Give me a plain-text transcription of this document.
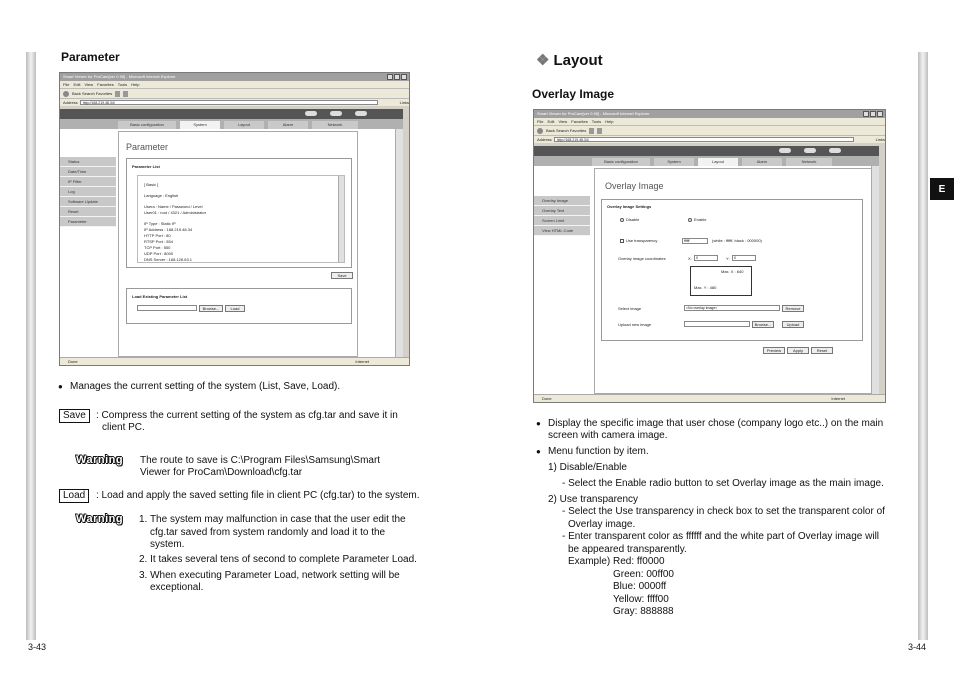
Parameter
Smart Viewer for ProCam[ver 0.95] - Microsoft Internet Explorer
File Edit View Favorites Tools Help
Back Search Favorites
Address	http://168.219.48.34/	Links
Basic configuration	System	Layout	Alarm	Network
Status
Date/Time
IP Filter
Log
Software Update
Reset
Parameter
Parameter
Parameter List
[ Basic ]
Language : English
Usera : Name / Password / Level
User01 : root / 4321 / Administrator
IP Type : Static IP
IP Address : 168.219.48.34
HTTP Port : 80
RTSP Port : 554
TCP Port : 550
UDP Port : 8000
DNS Server : 168.126.63.1
Save
Load Existing Parameter List
Browse...	Load
Done	Internet
● Manages the current setting of the system (List, Save, Load).
Save	: Compress the current setting of the system as cfg.tar and save it in
client PC.
Warning The route to save is C:\Program Files\Samsung\Smart
Viewer for ProCam\Download\cfg.tar
Load	: Load and apply the saved setting file in client PC (cfg.tar) to the system.
Warning 1. The system may malfunction in case that the user edit the
cfg.tar saved from system randomly and load it to the
system.
2. It takes several tens of second to complete Parameter Load.
3. When executing Parameter Load, network setting will be
exceptional.
3-43
❖ Layout
Overlay Image
E
Smart Viewer for ProCam[ver 0.95] - Microsoft Internet Explorer
File Edit View Favorites Tools Help
Back Search Favorites
Address	http://168.219.48.34/	Links
Basic configuration	System	Layout	Alarm	Network
Overlay Image
Overlay Text
Screen Limit
View HTML Code
Overlay Image
Overlay Image Settings
Disable	Enable
Use transparency	ffffff	(white : ffffff, black : 000000)
Overlay image coordinates	X:	0	Y:	0
Max. X : 640
Max. Y : 480
Select image	<No overlay image>	Remove
Upload new image	Browse...	Upload
Preview	Apply	Reset
Done	Internet
● Display the specific image that user chose (company logo etc..) on the main
screen with camera image.
● Menu function by item.
1) Disable/Enable
- Select the Enable radio button to set Overlay image as the main image.
2) Use transparency
- Select the Use transparency in check box to set the transparent color of
Overlay image.
- Enter transparent color as ffffff and the white part of Overlay image will
be appeared transparently.
Example) Red: ff0000
Green: 00ff00
Blue: 0000ff
Yellow: ffff00
Gray: 888888
3-44
